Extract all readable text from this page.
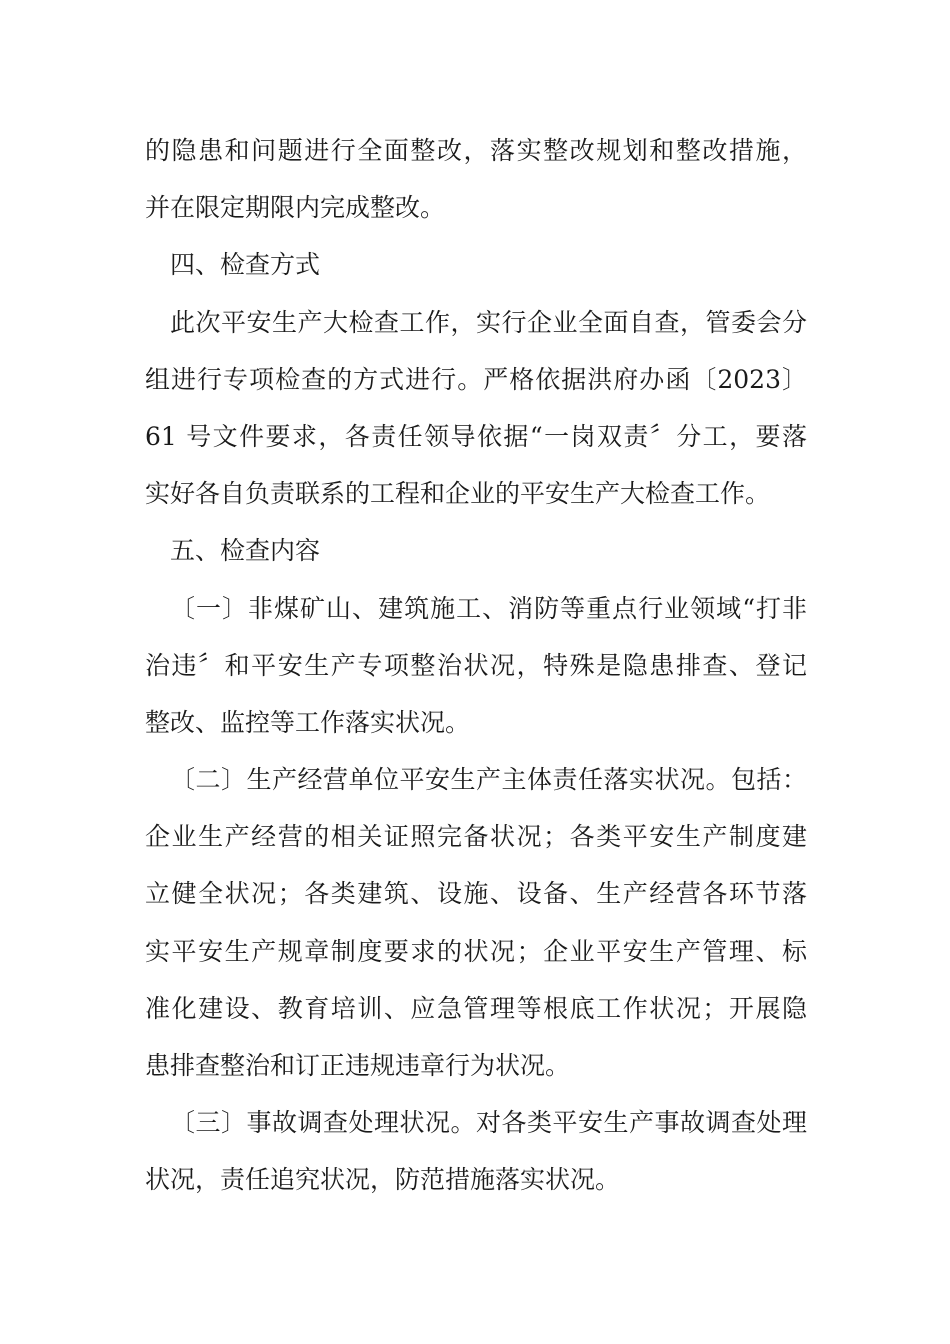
的隐患和问题进行全面整改，落实整改规划和整改措施，
并在限定期限内完成整改。
四、检查方式
此次平安生产大检查工作，实行企业全面自查，管委会分
组进行专项检查的方式进行。严格依据洪府办函〔2023〕
61 号文件要求，各责任领导依据“一岗双责〞分工，要落
实好各自负责联系的工程和企业的平安生产大检查工作。
五、检查内容
〔一〕非煤矿山、建筑施工、消防等重点行业领域“打非
治违〞和平安生产专项整治状况，特殊是隐患排查、登记
整改、监控等工作落实状况。
〔二〕生产经营单位平安生产主体责任落实状况。包括：
企业生产经营的相关证照完备状况；各类平安生产制度建
立健全状况；各类建筑、设施、设备、生产经营各环节落
实平安生产规章制度要求的状况；企业平安生产管理、标
准化建设、教育培训、应急管理等根底工作状况；开展隐
患排查整治和订正违规违章行为状况。
〔三〕事故调查处理状况。对各类平安生产事故调查处理
状况，责任追究状况，防范措施落实状况。
